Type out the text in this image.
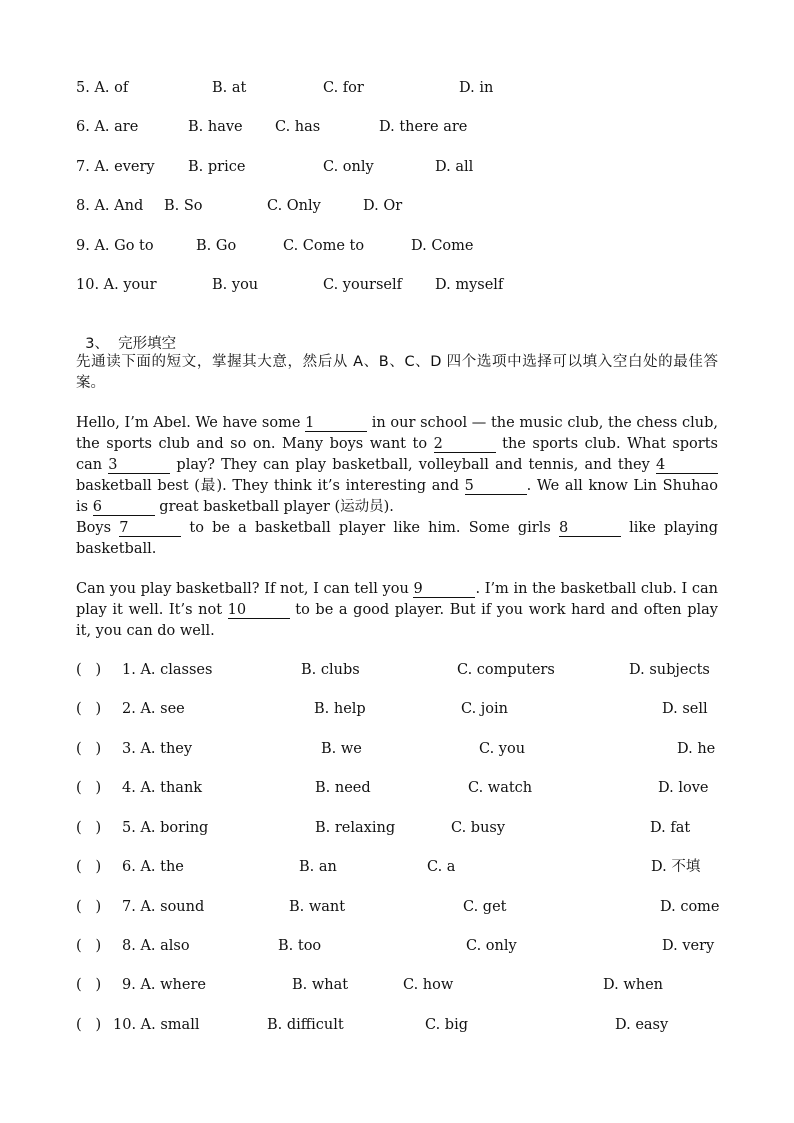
5. A. of	B. at	C. for	D. in
6. A. are	B. have C. has	D. there are
7. A. every B. price	C. only	D. all
8. A. And B. So	C. Only	D. Or
9. A. Go to	B. Go	C. Come to	D. Come
10. A. your	B. you	C. yourself D. myself

3、 完形填空

先通读下面的短文，掌握其大意，然后从 A、B、C、D 四个选项中选择可以填入空白处的最佳答案。

Hello, I’m Abel. We have some 1	in our school — the music club, the chess club, the sports club and so on. Many boys want to 2	the sports club. What sports can 3	play? They can play basketball, volleyball and tennis, and they 4 basketball best (最). They think it’s interesting and 5	. We all know Lin Shuhao is 6	great basketball player (运动员).

Boys 7	to be a basketball player like him. Some girls 8	like playing basketball.

Can you play basketball? If not, I can tell you 9	. I’m in the basketball club. I can play it well. It’s not 10	to be a good player. But if you work hard and often play it, you can do well.

(   ) 1. A. classes	B. clubs	C. computers	D. subjects
(   ) 2. A. see	B. help	C. join	D. sell
(   ) 3. A. they	B. we	C. you	D. he
(   ) 4. A. thank	B. need	C. watch	D. love
(   ) 5. A. boring	B. relaxing	C. busy	D. fat
(   ) 6. A. the	B. an	C. a	D. 不填
(   ) 7. A. sound	B. want	C. get	D. come
(   ) 8. A. also	B. too	C. only	D. very
(   ) 9. A. where	B. what	C. how	D. when
(   ) 10. A. small	B. difficult	C. big	D. easy
